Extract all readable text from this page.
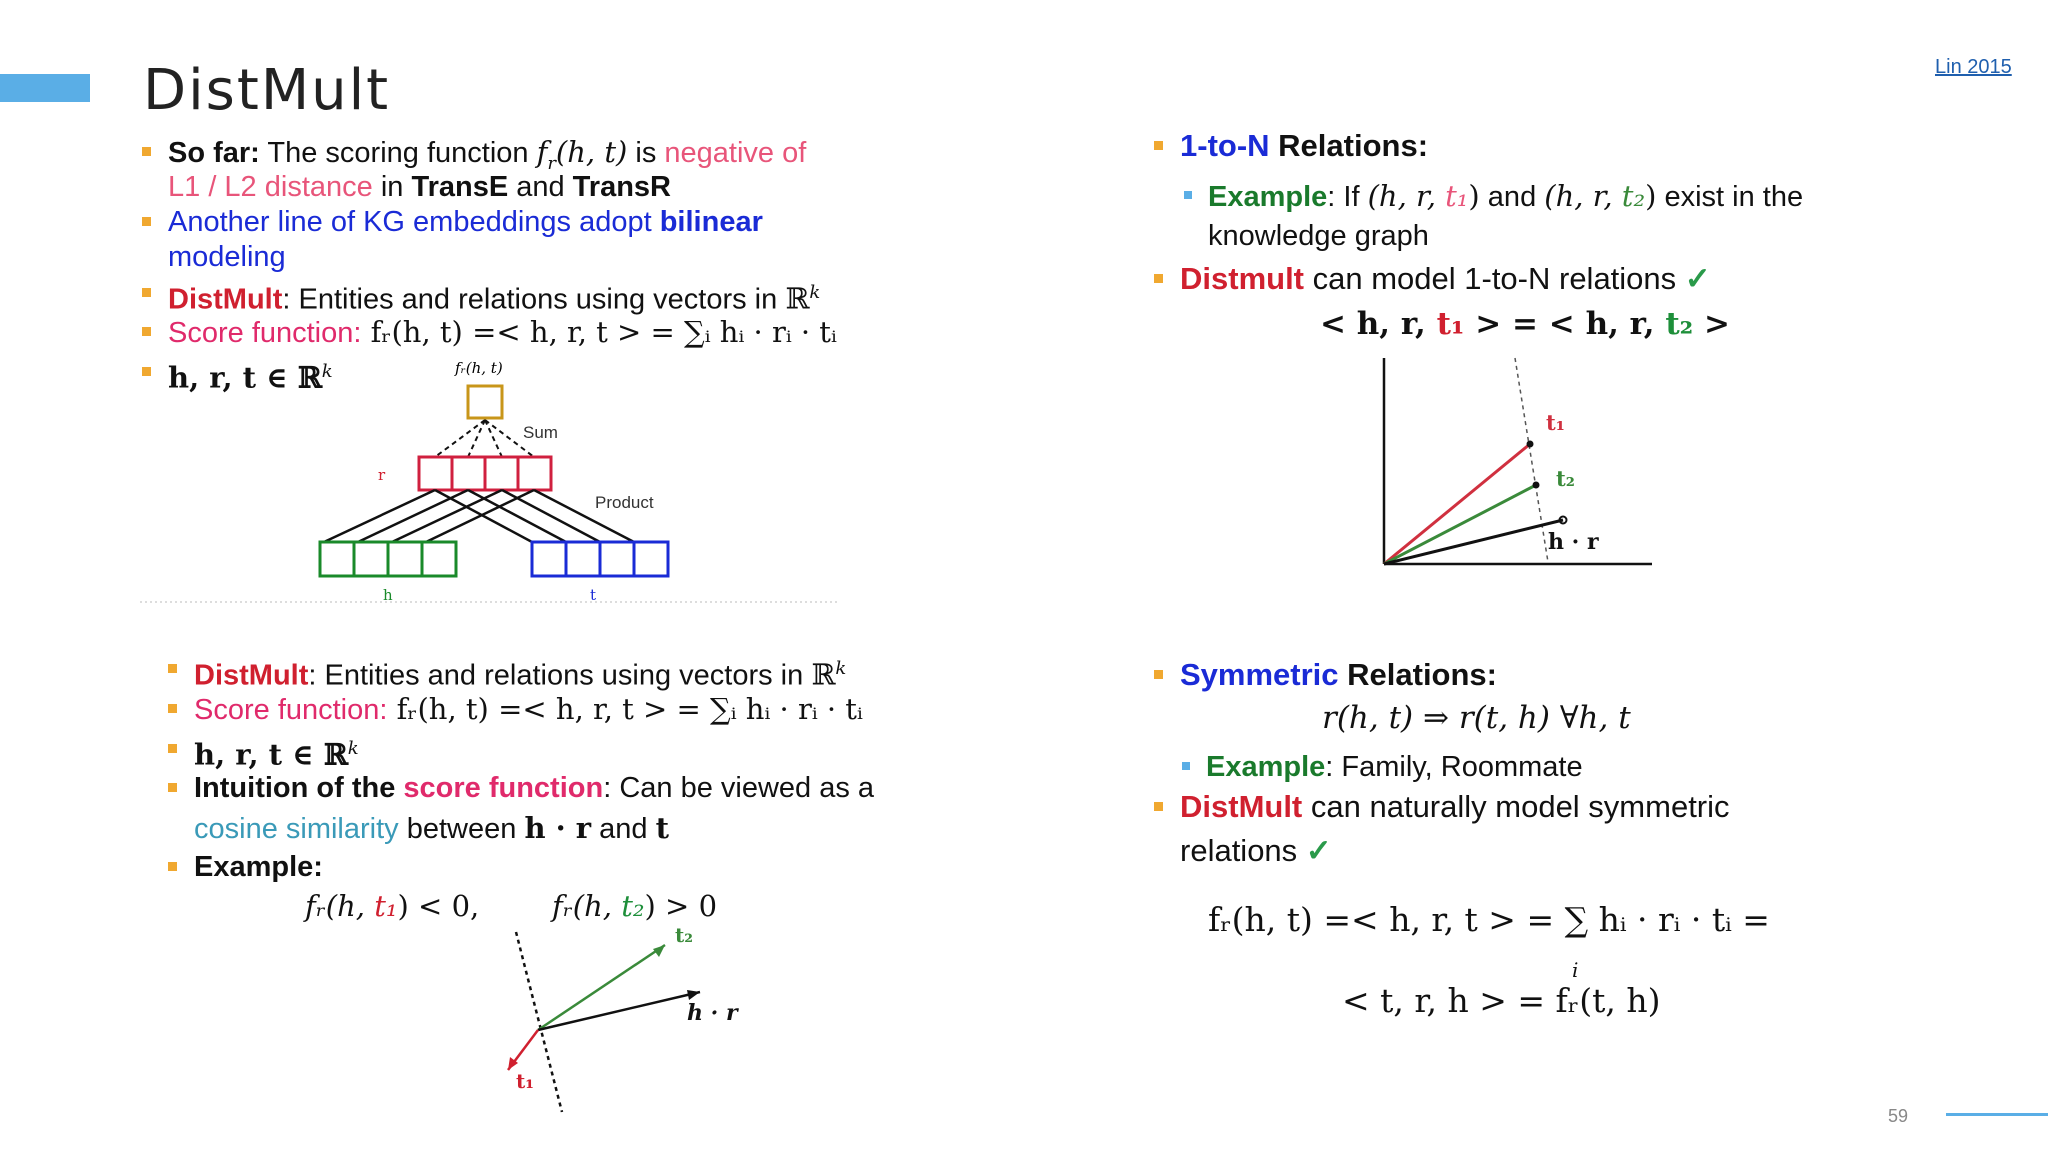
DistMult	Lin 2015
59
So far: The scoring function $f_r(h$, t) is negative of
L1 / L2 distance in TransE and TransR
Another line of KG embeddings adopt bilinear
modeling
DistMult: Entities and relations using vectors in ℝ$^k$
Score function: fᵣ(h, t) =< h, r, t > = ∑ᵢ hᵢ · rᵢ · tᵢ
h, r, t ∈ ℝ$^k$	fᵣ(h, t)
Sum
r
Product
h	t
DistMult: Entities and relations using vectors in ℝ$^k$
Score function: fᵣ(h, t) =< h, r, t > = ∑ᵢ hᵢ · rᵢ · tᵢ
h, r, t ∈ ℝ$^k$
Intuition of the score function: Can be viewed as a
cosine similarity between h · r and t
Example:
fᵣ(h, t₁) < 0,	fᵣ(h, t₂) > 0
t₂
h · r
t₁
1-to-N Relations:
Example: If (h, r, t₁) and (h, r, t₂) exist in the
knowledge graph
Distmult can model 1-to-N relations ✓
< h, r, t₁ > = < h, r, t₂ >
t₁
t₂
h · r
Symmetric Relations:
r(h, t) ⇒ r(t, h) ∀h, t
Example: Family, Roommate
DistMult can naturally model symmetric
relations ✓
fᵣ(h, t) =< h, r, t > = ∑ hᵢ · rᵢ · tᵢ =
i
< t, r, h > = fᵣ(t, h)
